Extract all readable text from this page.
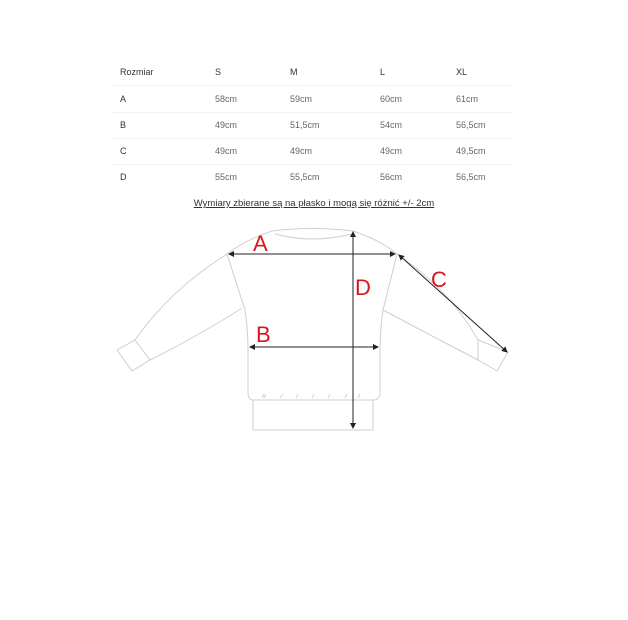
Rozmiar	S	M	L	XL
A	58cm	59cm	60cm	61cm
B	49cm	51,5cm	54cm	56,5cm
C	49cm	49cm	49cm	49,5cm
D	55cm	55,5cm	56cm	56,5cm
Wymiary zbierane są na płasko i mogą się różnić +/- 2cm
A
B
C
D
